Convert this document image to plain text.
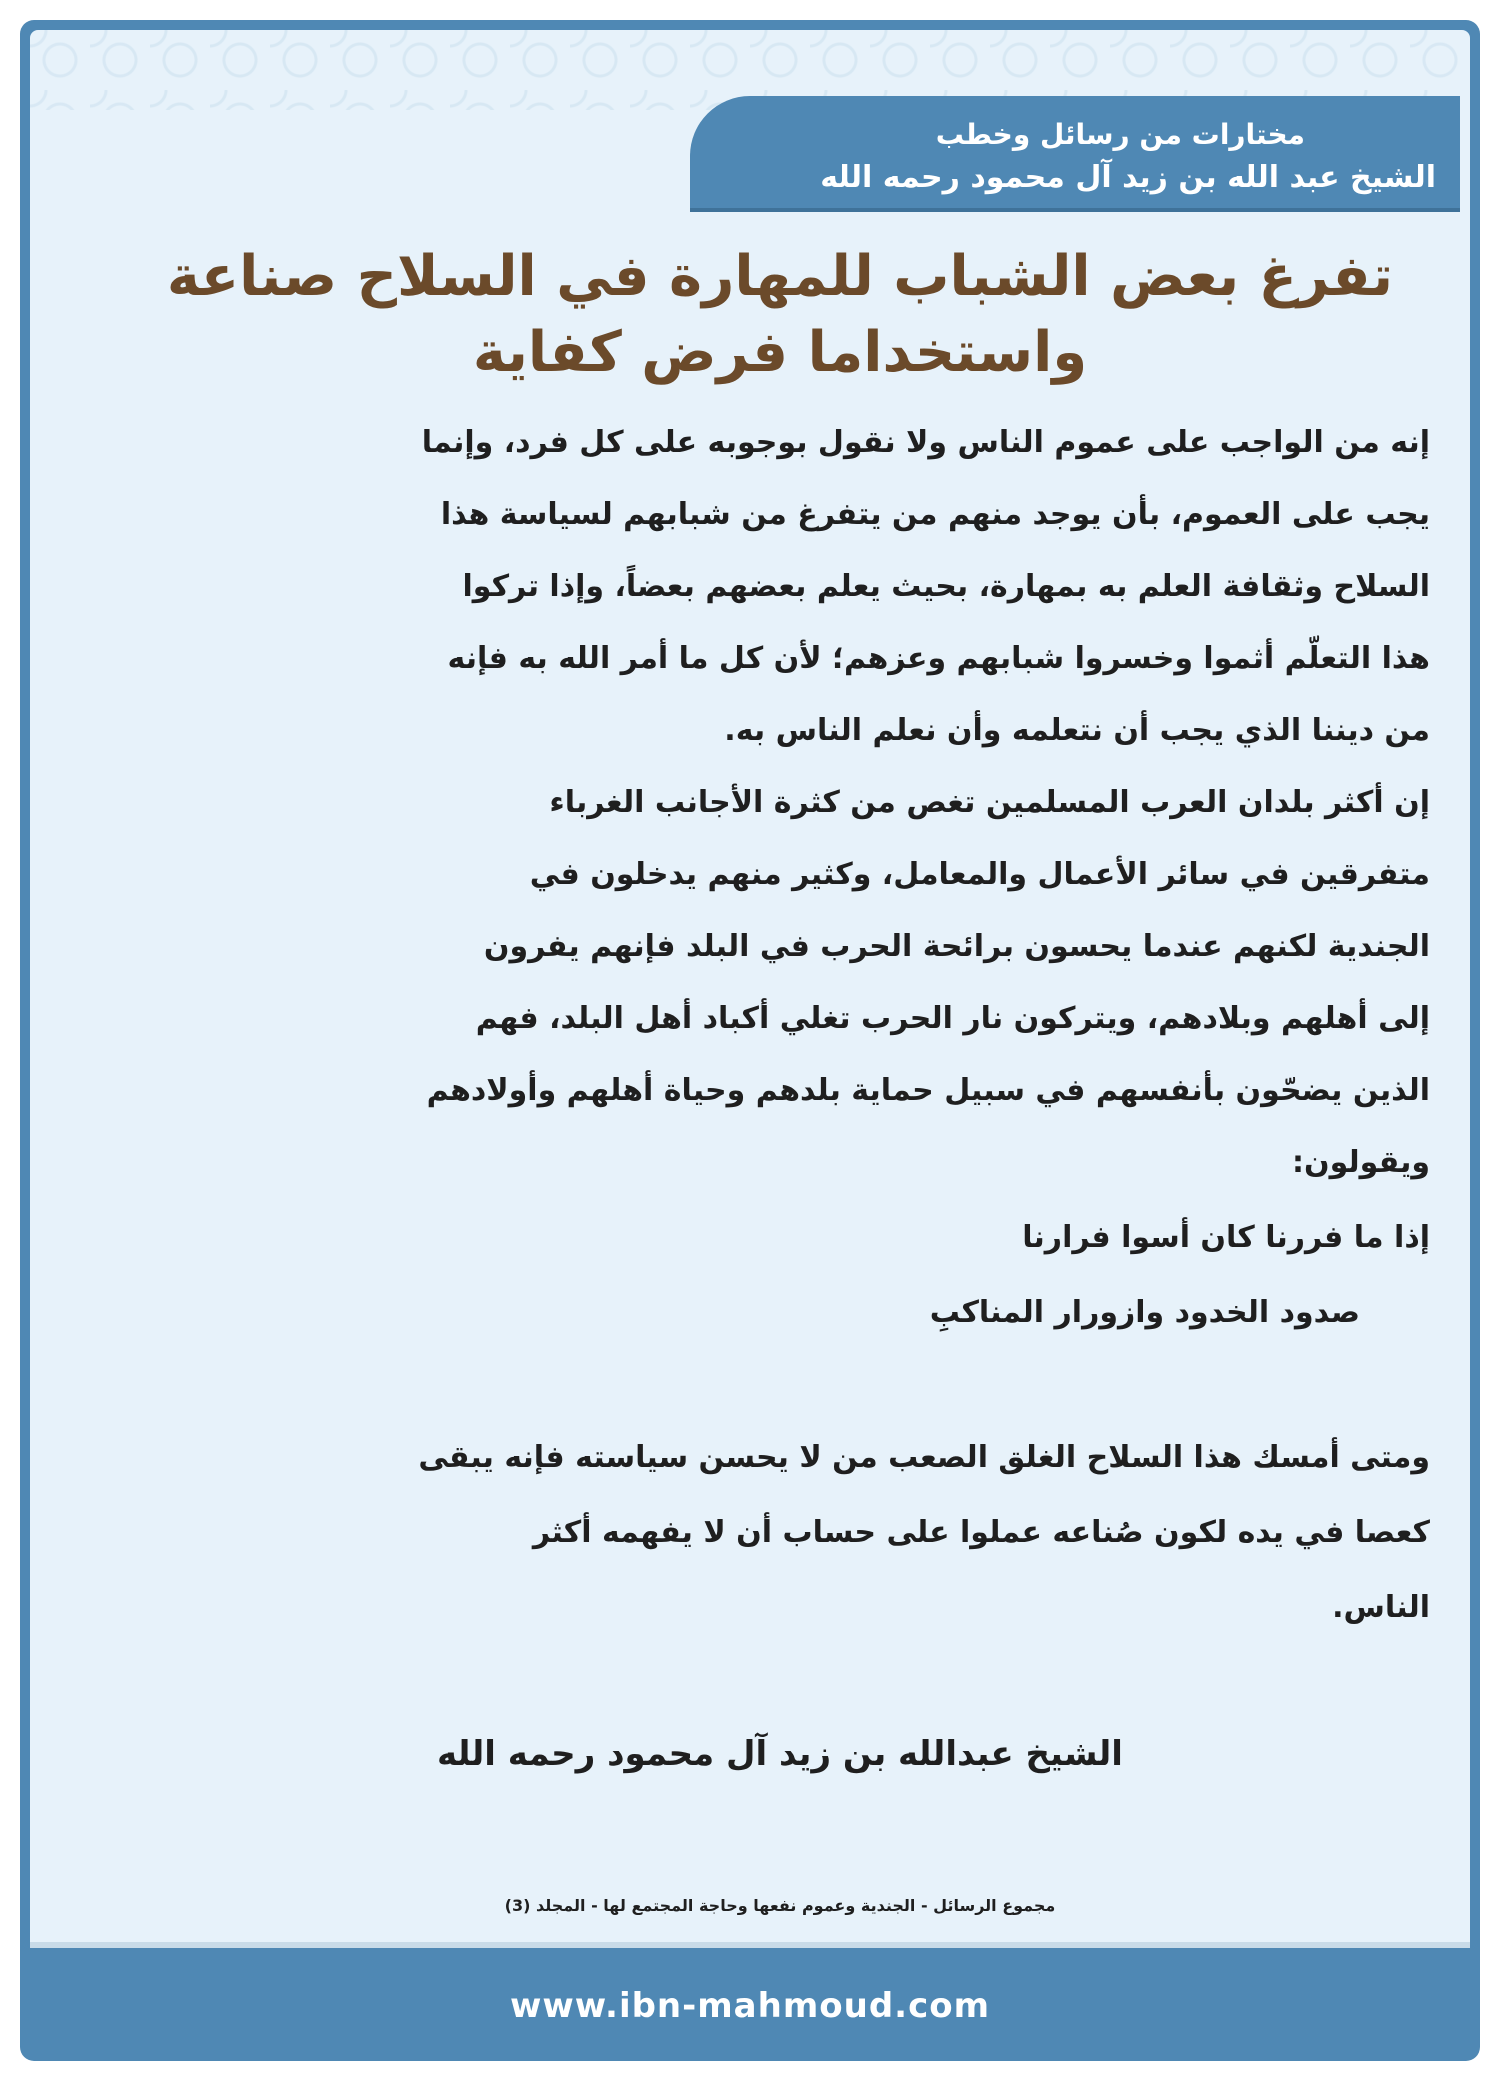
مختارات من رسائل وخطب
الشيخ عبد الله بن زيد آل محمود رحمه الله
تفرغ بعض الشباب للمهارة في السلاح صناعة
واستخداما فرض كفاية
إنه من الواجب على عموم الناس ولا نقول بوجوبه على كل فرد، وإنما
يجب على العموم، بأن يوجد منهم من يتفرغ من شبابهم لسياسة هذا
السلاح وثقافة العلم به بمهارة، بحيث يعلم بعضهم بعضاً، وإذا تركوا
هذا التعلّم أثموا وخسروا شبابهم وعزهم؛ لأن كل ما أمر الله به فإنه
من ديننا الذي يجب أن نتعلمه وأن نعلم الناس به.
إن أكثر بلدان العرب المسلمين تغص من كثرة الأجانب الغرباء
متفرقين في سائر الأعمال والمعامل، وكثير منهم يدخلون في
الجندية لكنهم عندما يحسون برائحة الحرب في البلد فإنهم يفرون
إلى أهلهم وبلادهم، ويتركون نار الحرب تغلي أكباد أهل البلد، فهم
الذين يضحّون بأنفسهم في سبيل حماية بلدهم وحياة أهلهم وأولادهم
ويقولون:
إذا ما فررنا كان أسوا فرارنا
صدود الخدود وازورار المناكبِ
ومتى أمسك هذا السلاح الغلق الصعب من لا يحسن سياسته فإنه يبقى
كعصا في يده لكون صُناعه عملوا على حساب أن لا يفهمه أكثر
الناس.
الشيخ عبدالله بن زيد آل محمود رحمه الله
مجموع الرسائل - الجندية وعموم نفعها وحاجة المجتمع لها - المجلد (3)
www.ibn-mahmoud.com
